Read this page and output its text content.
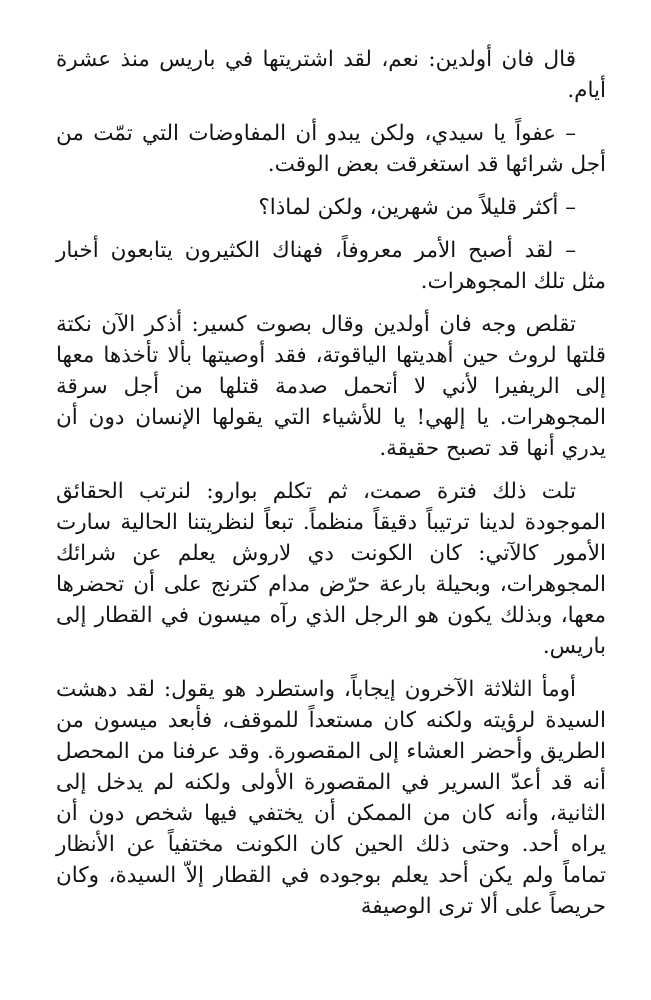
قال فان أولدين: نعم، لقد اشتريتها في باريس منذ عشرة أيام.

– عفواً يا سيدي، ولكن يبدو أن المفاوضات التي تمّت من أجل شرائها قد استغرقت بعض الوقت.

– أكثر قليلاً من شهرين، ولكن لماذا؟

– لقد أصبح الأمر معروفاً، فهناك الكثيرون يتابعون أخبار مثل تلك المجوهرات.

تقلص وجه فان أولدين وقال بصوت كسير: أذكر الآن نكتة قلتها لروث حين أهديتها الياقوتة، فقد أوصيتها بألا تأخذها معها إلى الريفيرا لأني لا أتحمل صدمة قتلها من أجل سرقة المجوهرات. يا إلهي! يا للأشياء التي يقولها الإنسان دون أن يدري أنها قد تصبح حقيقة.

تلت ذلك فترة صمت، ثم تكلم بوارو: لنرتب الحقائق الموجودة لدينا ترتيباً دقيقاً منظماً. تبعاً لنظريتنا الحالية سارت الأمور كالآتي: كان الكونت دي لاروش يعلم عن شرائك المجوهرات، وبحيلة بارعة حرّض مدام كترنج على أن تحضرها معها، وبذلك يكون هو الرجل الذي رآه ميسون في القطار إلى باريس.

أومأ الثلاثة الآخرون إيجاباً، واستطرد هو يقول: لقد دهشت السيدة لرؤيته ولكنه كان مستعداً للموقف، فأبعد ميسون من الطريق وأحضر العشاء إلى المقصورة. وقد عرفنا من المحصل أنه قد أعدّ السرير في المقصورة الأولى ولكنه لم يدخل إلى الثانية، وأنه كان من الممكن أن يختفي فيها شخص دون أن يراه أحد. وحتى ذلك الحين كان الكونت مختفياً عن الأنظار تماماً ولم يكن أحد يعلم بوجوده في القطار إلاّ السيدة، وكان حريصاً على ألا ترى الوصيفة
